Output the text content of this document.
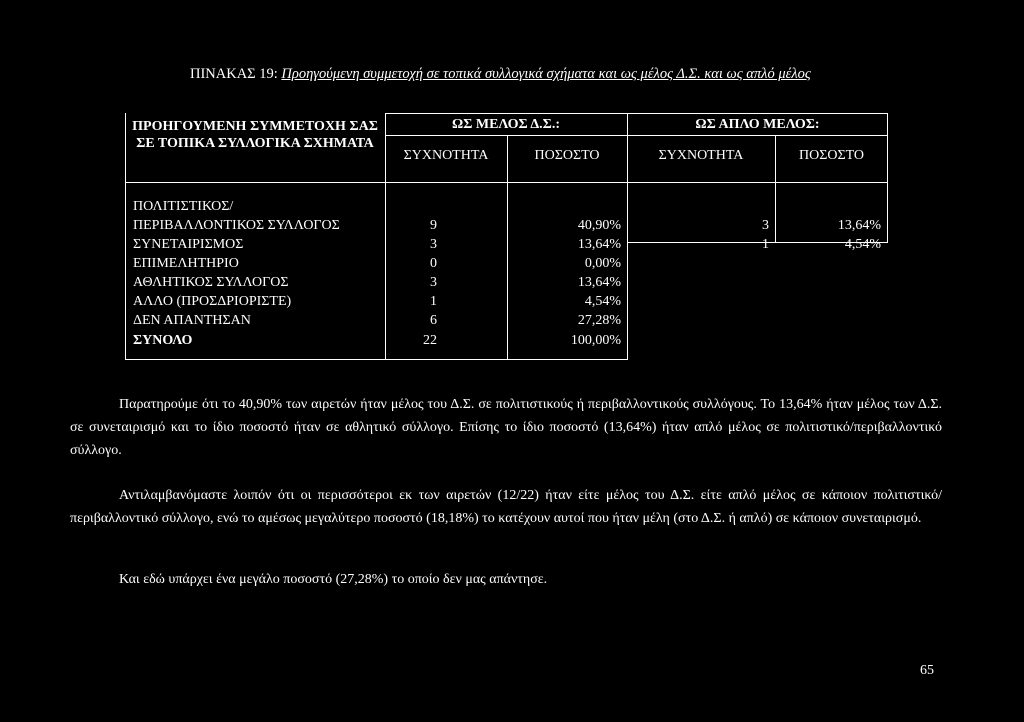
ΠΙΝΑΚΑΣ 19: Προηγούμενη συμμετοχή σε τοπικά συλλογικά σχήματα και ως μέλος Δ.Σ. και ως απλό μέλος
ΠΡΟΗΓΟΥΜΕΝΗ ΣΥΜΜΕΤΟΧΗ ΣΑΣ ΣΕ ΤΟΠΙΚΑ ΣΥΛΛΟΓΙΚΑ ΣΧΗΜΑΤΑ
ΩΣ ΜΕΛΟΣ Δ.Σ.:	ΩΣ ΑΠΛΟ ΜΕΛΟΣ:
ΣΥΧΝΟΤΗΤΑ	ΠΟΣΟΣΤΟ	ΣΥΧΝΟΤΗΤΑ	ΠΟΣΟΣΤΟ
ΠΟΛΙΤΙΣΤΙΚΟΣ/
ΠΕΡΙΒΑΛΛΟΝΤΙΚΟΣ ΣΥΛΛΟΓΟΣ	9	40,90%	3	13,64%
ΣΥΝΕΤΑΙΡΙΣΜΟΣ	3	13,64%	1	4,54%
ΕΠΙΜΕΛΗΤΗΡΙΟ	0	0,00%
ΑΘΛΗΤΙΚΟΣ ΣΥΛΛΟΓΟΣ	3	13,64%
ΑΛΛΟ (ΠΡΟΣΔΡΙΟΡΙΣΤΕ)	1	4,54%
ΔΕΝ ΑΠΑΝΤΗΣΑΝ	6	27,28%
ΣΥΝΟΛΟ	22	100,00%
Παρατηρούμε ότι το 40,90% των αιρετών ήταν μέλος του Δ.Σ. σε πολιτιστικούς ή περιβαλλοντικούς συλλόγους. Το 13,64% ήταν μέλος των Δ.Σ. σε συνεταιρισμό και το ίδιο ποσοστό ήταν σε αθλητικό σύλλογο. Επίσης το ίδιο ποσοστό (13,64%) ήταν απλό μέλος σε πολιτιστικό/περιβαλλοντικό σύλλογο.
Αντιλαμβανόμαστε λοιπόν ότι οι περισσότεροι εκ των αιρετών (12/22) ήταν είτε μέλος του Δ.Σ. είτε απλό μέλος σε κάποιον πολιτιστικό/περιβαλλοντικό σύλλογο, ενώ το αμέσως μεγαλύτερο ποσοστό (18,18%) το κατέχουν αυτοί που ήταν μέλη (στο Δ.Σ. ή απλό) σε κάποιον συνεταιρισμό.
Και εδώ υπάρχει ένα μεγάλο ποσοστό (27,28%) το οποίο δεν μας απάντησε.
65
